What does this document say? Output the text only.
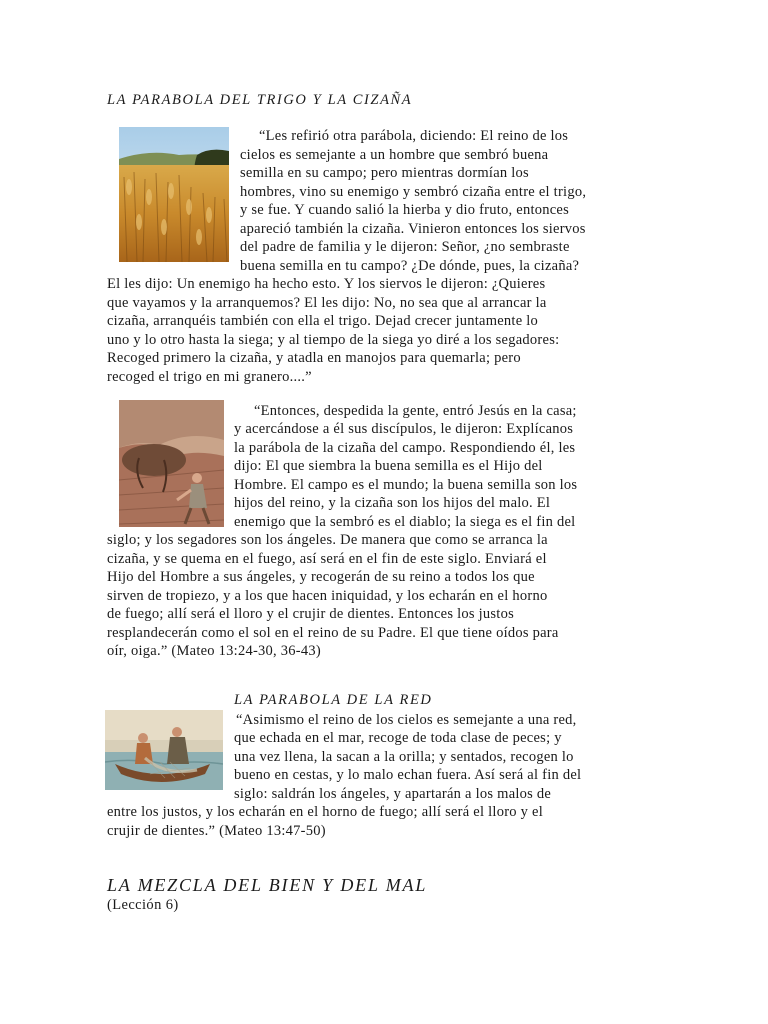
LA PARABOLA DEL TRIGO Y LA CIZAÑA

“Les refirió otra parábola, diciendo: El reino de los

cielos es semejante a un hombre que sembró buena

semilla en su campo; pero mientras dormían los

hombres, vino su enemigo y sembró cizaña entre el trigo,

y se fue. Y cuando salió la hierba y dio fruto, entonces

apareció también la cizaña. Vinieron entonces los siervos

del padre de familia y le dijeron: Señor, ¿no sembraste

buena semilla en tu campo? ¿De dónde, pues, la cizaña?

El les dijo: Un enemigo ha hecho esto. Y los siervos le dijeron: ¿Quieres

que vayamos y la arranquemos? El les dijo: No, no sea que al arrancar la

cizaña, arranquéis también con ella el trigo. Dejad crecer juntamente lo

uno y lo otro hasta la siega; y al tiempo de la siega yo diré a los segadores:

Recoged primero la cizaña, y atadla en manojos para quemarla; pero

recoged el trigo en mi granero....”

“Entonces, despedida la gente, entró Jesús en la casa;

y acercándose a él sus discípulos, le dijeron: Explícanos

la parábola de la cizaña del campo. Respondiendo él, les

dijo: El que siembra la buena semilla es el Hijo del

Hombre. El campo es el mundo; la buena semilla son los

hijos del reino, y la cizaña son los hijos del malo. El

enemigo que la sembró es el diablo; la siega es el fin del

siglo; y los segadores son los ángeles. De manera que como se arranca la

cizaña, y se quema en el fuego, así será en el fin de este siglo. Enviará el

Hijo del Hombre a sus ángeles, y recogerán de su reino a todos los que

sirven de tropiezo, y a los que hacen iniquidad, y los echarán en el horno

de fuego; allí será el lloro y el crujir de dientes. Entonces los justos

resplandecerán como el sol en el reino de su Padre. El que tiene oídos para

oír, oiga.” (Mateo 13:24-30, 36-43)

LA PARABOLA DE LA RED

“Asimismo el reino de los cielos es semejante a una red,

que echada en el mar, recoge de toda clase de peces; y

una vez llena, la sacan a la orilla; y sentados, recogen lo

bueno en cestas, y lo malo echan fuera. Así será al fin del

siglo: saldrán los ángeles, y apartarán a los malos de

entre los justos, y los echarán en el horno de fuego; allí será el lloro y el

crujir de dientes.” (Mateo 13:47-50)

LA MEZCLA DEL BIEN Y DEL MAL
(Lección 6)
